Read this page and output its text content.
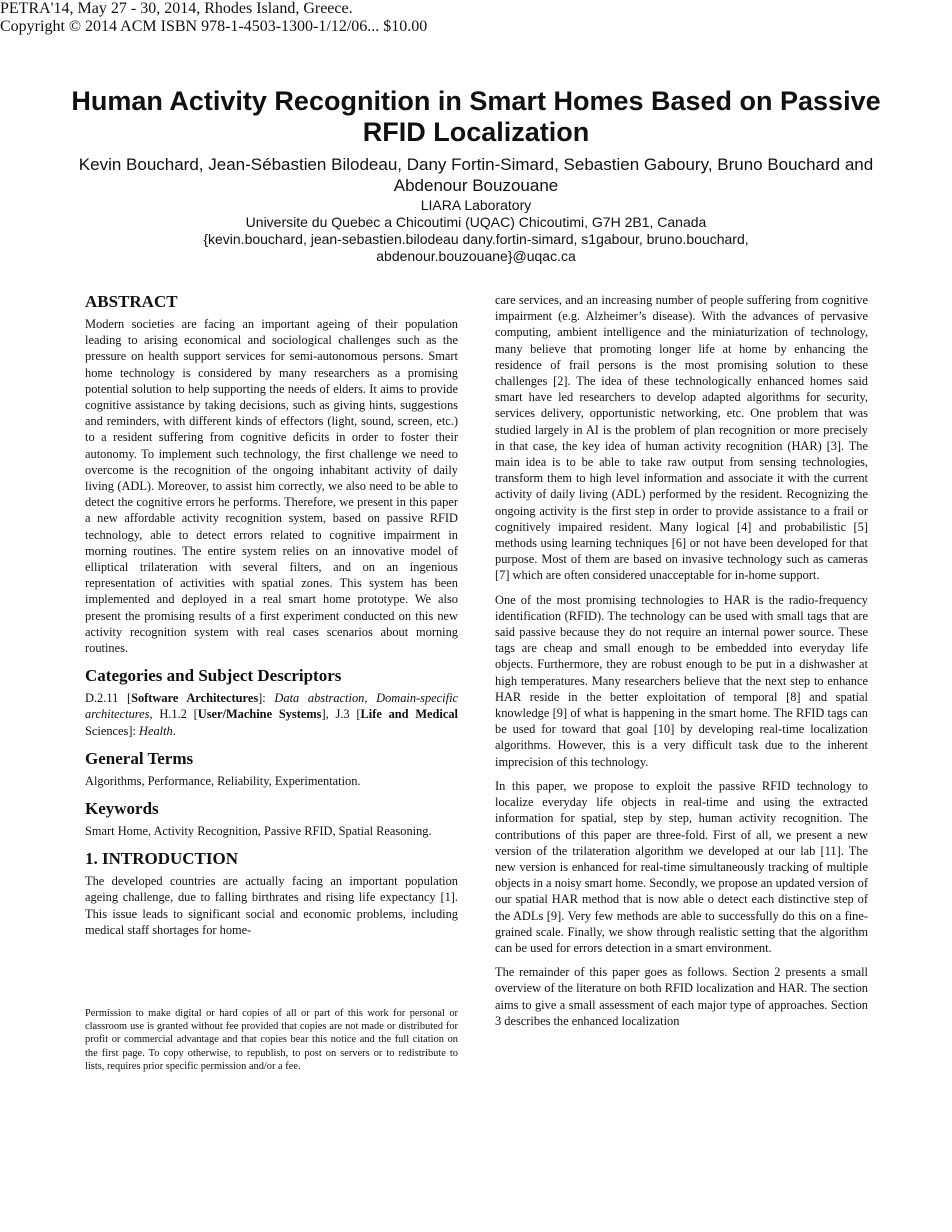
Human Activity Recognition in Smart Homes Based on Passive RFID Localization

Kevin Bouchard, Jean-Sébastien Bilodeau, Dany Fortin-Simard, Sebastien Gaboury, Bruno Bouchard and Abdenour Bouzouane

LIARA Laboratory
Universite du Quebec a Chicoutimi (UQAC) Chicoutimi, G7H 2B1, Canada
{kevin.bouchard, jean-sebastien.bilodeau dany.fortin-simard, s1gabour, bruno.bouchard, abdenour.bouzouane}@uqac.ca
ABSTRACT

Modern societies are facing an important ageing of their population leading to arising economical and sociological challenges such as the pressure on health support services for semi-autonomous persons. Smart home technology is considered by many researchers as a promising potential solution to help supporting the needs of elders. It aims to provide cognitive assistance by taking decisions, such as giving hints, suggestions and reminders, with different kinds of effectors (light, sound, screen, etc.) to a resident suffering from cognitive deficits in order to foster their autonomy. To implement such technology, the first challenge we need to overcome is the recognition of the ongoing inhabitant activity of daily living (ADL). Moreover, to assist him correctly, we also need to be able to detect the cognitive errors he performs. Therefore, we present in this paper a new affordable activity recognition system, based on passive RFID technology, able to detect errors related to cognitive impairment in morning routines. The entire system relies on an innovative model of elliptical trilateration with several filters, and on an ingenious representation of activities with spatial zones. This system has been implemented and deployed in a real smart home prototype. We also present the promising results of a first experiment conducted on this new activity recognition system with real cases scenarios about morning routines.

Categories and Subject Descriptors

D.2.11 [Software Architectures]: Data abstraction, Domain-specific architectures, H.1.2 [User/Machine Systems], J.3 [Life and Medical Sciences]: Health.

General Terms

Algorithms, Performance, Reliability, Experimentation.

Keywords

Smart Home, Activity Recognition, Passive RFID, Spatial Reasoning.

1. INTRODUCTION

The developed countries are actually facing an important population ageing challenge, due to falling birthrates and rising life expectancy [1]. This issue leads to significant social and economic problems, including medical staff shortages for home-

Permission to make digital or hard copies of all or part of this work for personal or classroom use is granted without fee provided that copies are not made or distributed for profit or commercial advantage and that copies bear this notice and the full citation on the first page. To copy otherwise, to republish, to post on servers or to redistribute to lists, requires prior specific permission and/or a fee.

PETRA'14, May 27 - 30, 2014, Rhodes Island, Greece.
Copyright © 2014 ACM ISBN 978-1-4503-1300-1/12/06... $10.00

care services, and an increasing number of people suffering from cognitive impairment (e.g. Alzheimer’s disease). With the advances of pervasive computing, ambient intelligence and the miniaturization of technology, many believe that promoting longer life at home by enhancing the residence of frail persons is the most promising solution to these challenges [2]. The idea of these technologically enhanced homes said smart have led researchers to develop adapted algorithms for security, services delivery, opportunistic networking, etc. One problem that was studied largely in AI is the problem of plan recognition or more precisely in that case, the key idea of human activity recognition (HAR) [3]. The main idea is to be able to take raw output from sensing technologies, transform them to high level information and associate it with the current activity of daily living (ADL) performed by the resident. Recognizing the ongoing activity is the first step in order to provide assistance to a frail or cognitively impaired resident. Many logical [4] and probabilistic [5] methods using learning techniques [6] or not have been developed for that purpose. Most of them are based on invasive technology such as cameras [7] which are often considered unacceptable for in-home support.

One of the most promising technologies to HAR is the radio-frequency identification (RFID). The technology can be used with small tags that are said passive because they do not require an internal power source. These tags are cheap and small enough to be embedded into everyday life objects. Furthermore, they are robust enough to be put in a dishwasher at high temperatures. Many researchers believe that the next step to enhance HAR reside in the better exploitation of temporal [8] and spatial knowledge [9] of what is happening in the smart home. The RFID tags can be used for toward that goal [10] by developing real-time localization algorithms. However, this is a very difficult task due to the inherent imprecision of this technology.

In this paper, we propose to exploit the passive RFID technology to localize everyday life objects in real-time and using the extracted information for spatial, step by step, human activity recognition. The contributions of this paper are three-fold. First of all, we present a new version of the trilateration algorithm we developed at our lab [11]. The new version is enhanced for real-time simultaneously tracking of multiple objects in a noisy smart home. Secondly, we propose an updated version of our spatial HAR method that is now able o detect each distinctive step of the ADLs [9]. Very few methods are able to successfully do this on a fine-grained scale. Finally, we show through realistic setting that the algorithm can be used for errors detection in a smart environment.

The remainder of this paper goes as follows. Section 2 presents a small overview of the literature on both RFID localization and HAR. The section aims to give a small assessment of each major type of approaches. Section 3 describes the enhanced localization
